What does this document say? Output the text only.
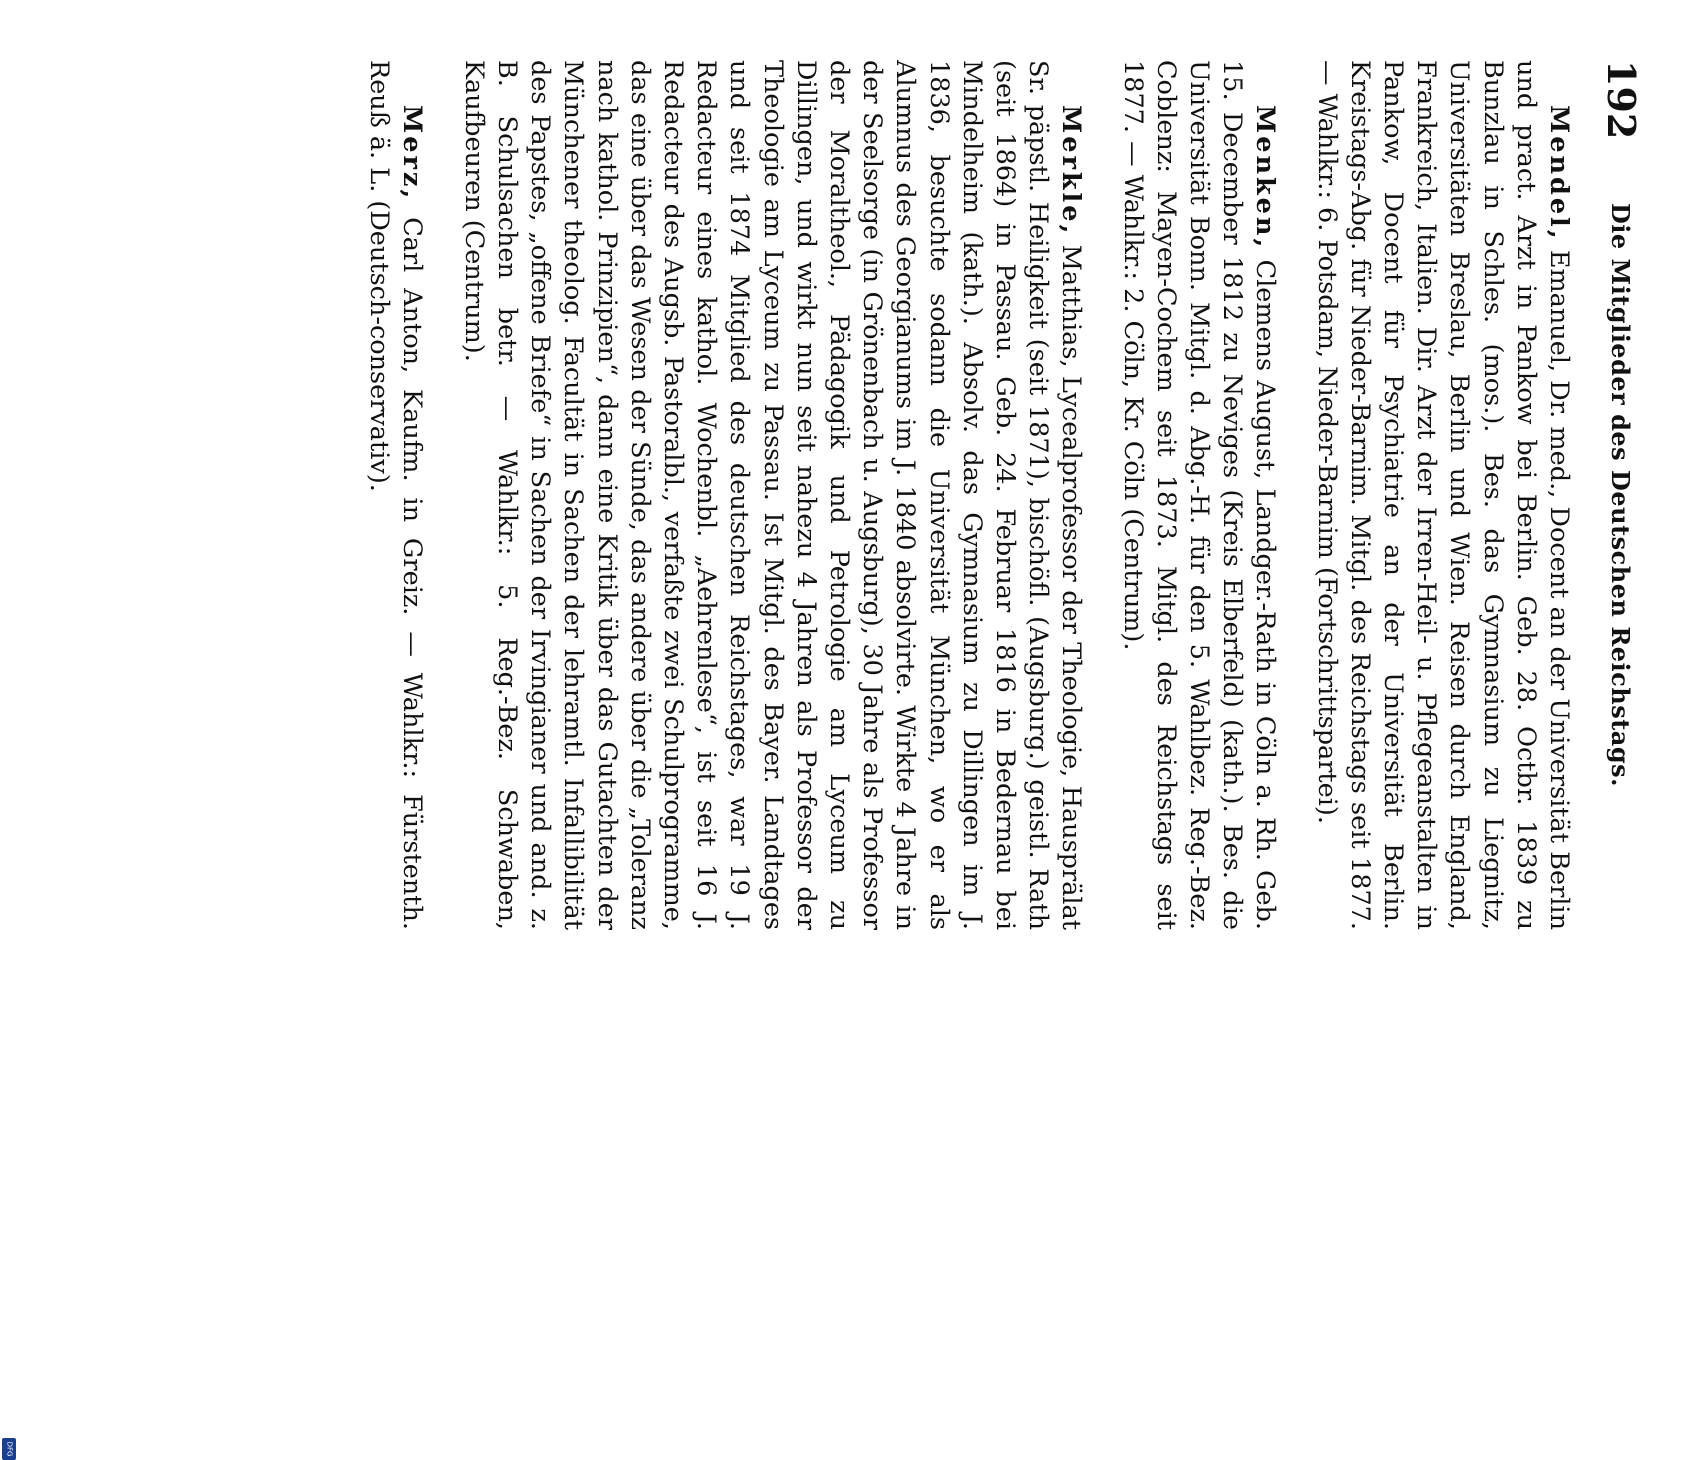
192
Die Mitglieder des Deutschen Reichstags.

Mendel, Emanuel, Dr. med., Docent an der Universität Berlin und pract. Arzt in Pankow bei Berlin. Geb. 28. Octbr. 1839 zu Bunzlau in Schles. (mos.). Bes. das Gymnasium zu Liegnitz, Universitäten Breslau, Berlin und Wien. Reisen durch England, Frankreich, Italien. Dir. Arzt der Irren-Heil- u. Pflegeanstalten in Pankow, Docent für Psychiatrie an der Universität Berlin. Kreistags-Abg. für Nieder-Barnim. Mitgl. des Reichstags seit 1877. — Wahlkr.: 6. Potsdam, Nieder-Barnim (Fortschrittspartei).

Menken, Clemens August, Landger.-Rath in Cöln a. Rh. Geb. 15. December 1812 zu Neviges (Kreis Elberfeld) (kath.). Bes. die Universität Bonn. Mitgl. d. Abg.-H. für den 5. Wahlbez. Reg.-Bez. Coblenz: Mayen-Cochem seit 1873. Mitgl. des Reichstags seit 1877. — Wahlkr.: 2. Cöln, Kr. Cöln (Centrum).

Merkle, Matthias, Lycealprofessor der Theologie, Hausprälat Sr. päpstl. Heiligkeit (seit 1871), bischöfl. (Augsburg.) geistl. Rath (seit 1864) in Passau. Geb. 24. Februar 1816 in Bedernau bei Mindelheim (kath.). Absolv. das Gymnasium zu Dillingen im J. 1836, besuchte sodann die Universität München, wo er als Alumnus des Georgianums im J. 1840 absolvirte. Wirkte 4 Jahre in der Seelsorge (in Grönenbach u. Augsburg), 30 Jahre als Professor der Moraltheol., Pädagogik und Petrologie am Lyceum zu Dillingen, und wirkt nun seit nahezu 4 Jahren als Professor der Theologie am Lyceum zu Passau. Ist Mitgl. des Bayer. Landtages und seit 1874 Mitglied des deutschen Reichstages, war 19 J. Redacteur eines kathol. Wochenbl. „Aehrenlese“, ist seit 16 J. Redacteur des Augsb. Pastoralbl., verfaßte zwei Schulprogramme, das eine über das Wesen der Sünde, das andere über die „Toleranz nach kathol. Prinzipien“, dann eine Kritik über das Gutachten der Münchener theolog. Facultät in Sachen der lehramtl. Infallibilität des Papstes, „offene Briefe“ in Sachen der Irvingianer und and. z. B. Schulsachen betr. — Wahlkr.: 5. Reg.-Bez. Schwaben, Kaufbeuren (Centrum).

Merz, Carl Anton, Kaufm. in Greiz. — Wahlkr.: Fürstenth. Reuß ä. L. (Deutsch-conservativ).

DFG
